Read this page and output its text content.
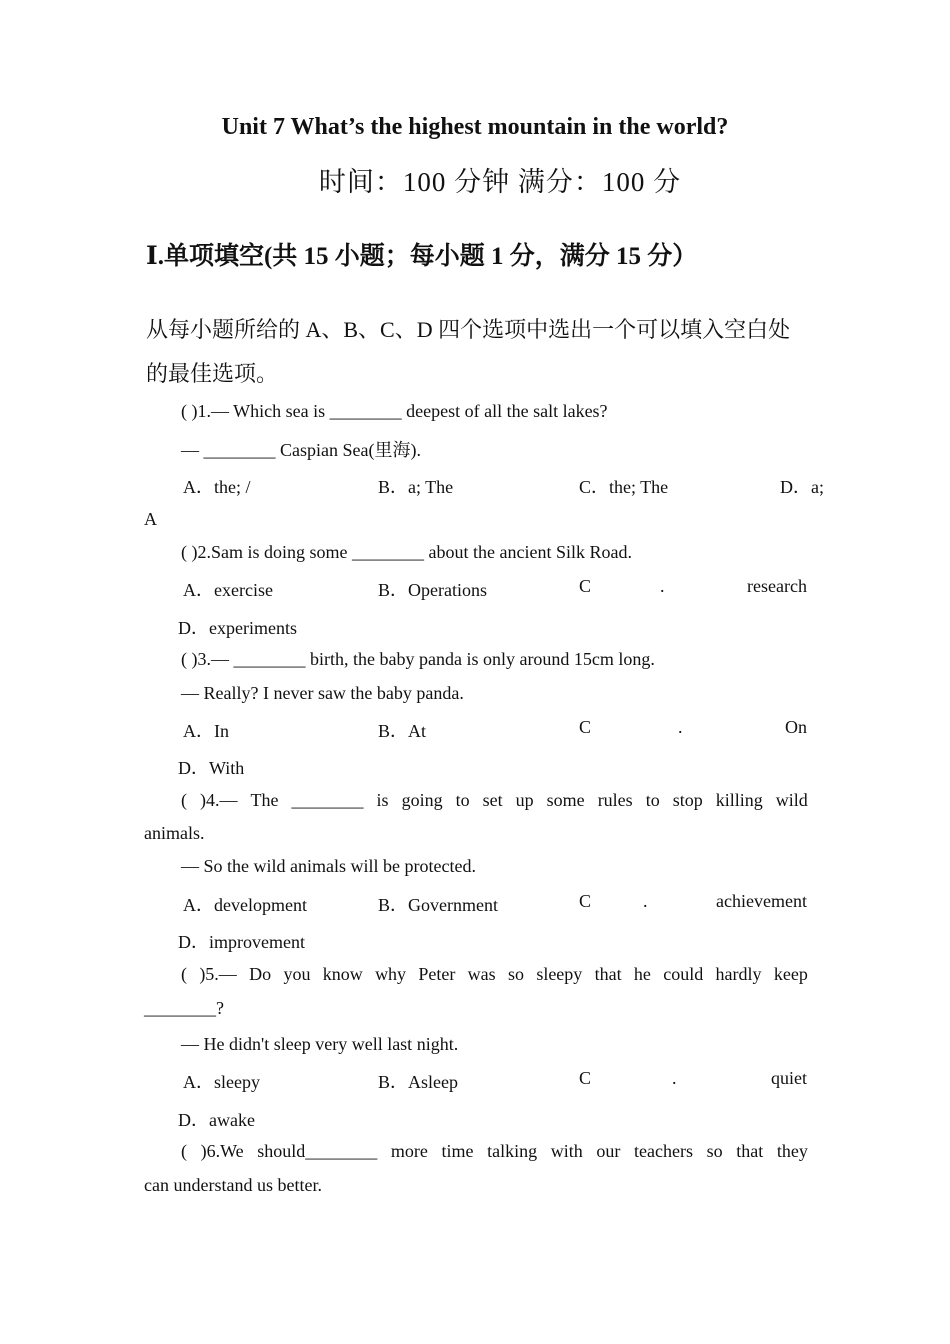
Unit 7 What’s the highest mountain in the world?
时间：100 分钟 满分：100 分
Ⅰ.单项填空(共 15 小题；每小题 1 分，满分 15 分）
从每小题所给的 A、B、C、D 四个选项中选出一个可以填入空白处
的最佳选项。
( )1.— Which sea is ________ deepest of all the salt lakes?
— ________ Caspian Sea(里海).
A．the; /	B．a; The	C．the; The	D．a;
A
( )2.Sam is doing some ________ about the ancient Silk Road.
A．exercise	B．Operations	C	.	research
D．experiments
( )3.— ________ birth, the baby panda is only around 15cm long.
— Really? I never saw the baby panda.
A．In	B．At	C	.	On
D．With
( )4.— The ________ is going to set up some rules to stop killing wild
animals.
— So the wild animals will be protected.
A．development	B．Government	C	.	achievement
D．improvement
( )5.— Do you know why Peter was so sleepy that he could hardly keep
________?
— He didn't sleep very well last night.
A．sleepy	B．Asleep	C	.	quiet
D．awake
( )6.We should________ more time talking with our teachers so that they
can understand us better.
